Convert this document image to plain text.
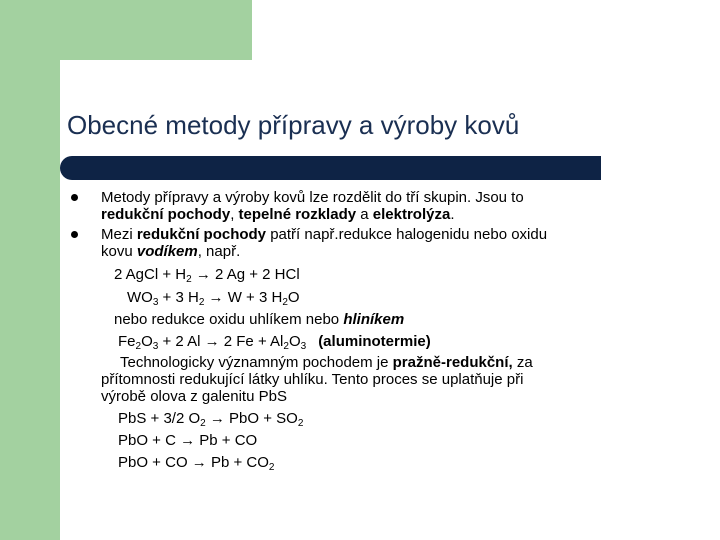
Obecné metody přípravy a výroby kovů
Metody přípravy a výroby kovů lze rozdělit do tří skupin. Jsou to
redukční pochody, tepelné rozklady a elektrolýza.
Mezi redukční pochody patří např.redukce halogenidu nebo oxidu
kovu vodíkem, např.
2 AgCl + $H_2 \to 2$ Ag + 2 HCl
$WO_3 + 3$ $H_2 \to W + 3$ $H_2O$
nebo redukce oxidu uhlíkem nebo hliníkem
$Fe_2O_3 + 2$ Al → 2 $Fe + Al_2O_3$ (aluminotermie)
Technologicky významným pochodem je pražně-redukční, za
přítomnosti redukující látky uhlíku. Tento proces se uplatňuje při
výrobě olova z galenitu PbS
PbS + 3/2 $O_2$ → PbO + $SO_2$
PbO + C → Pb + CO
PbO + CO → $Pb + CO_2$
